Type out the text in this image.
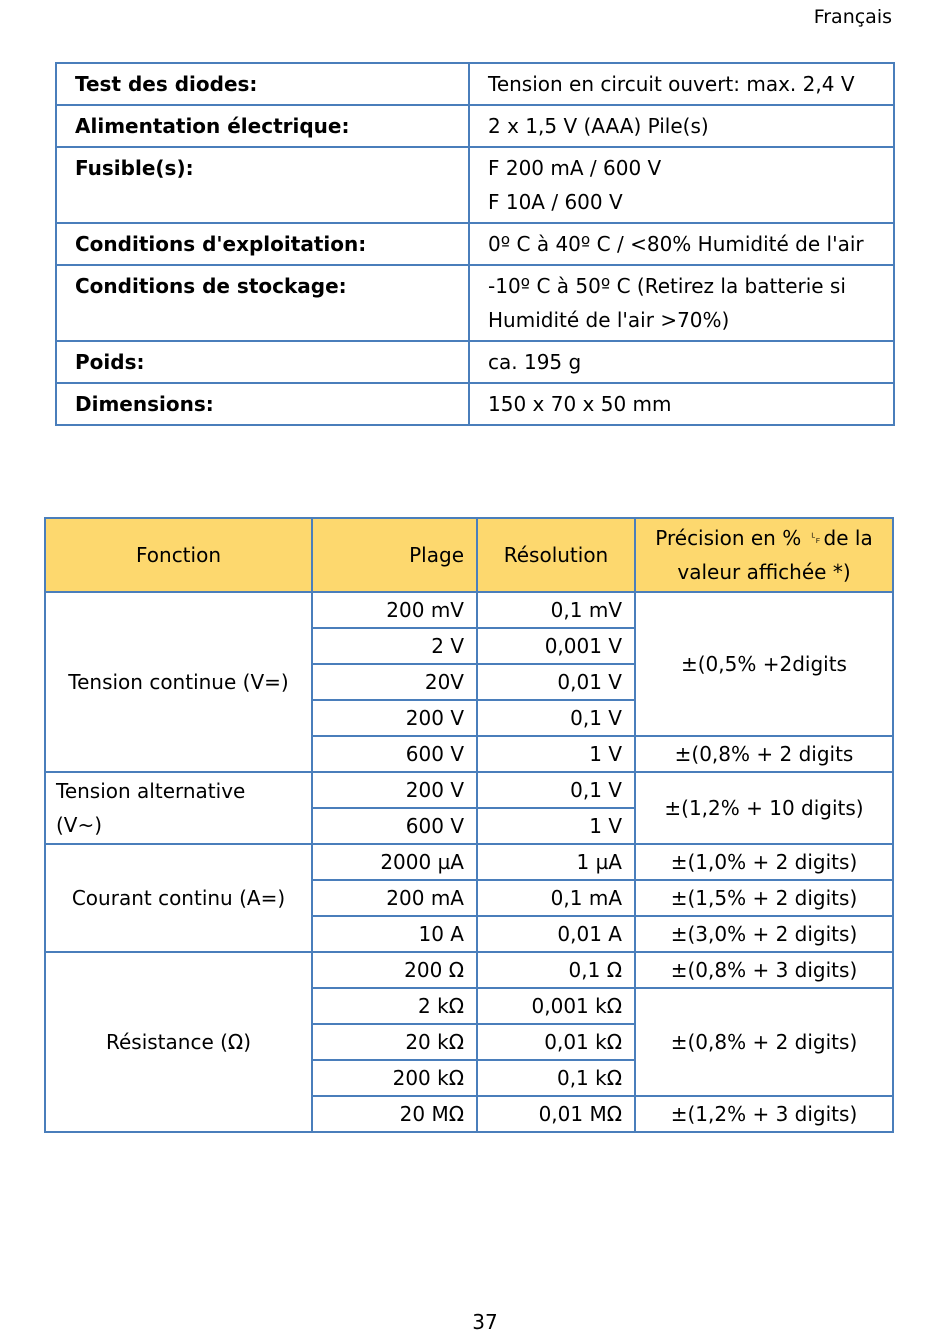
Français
Test des diodes:	Tension en circuit ouvert: max. 2,4 V
Alimentation électrique:	2 x 1,5 V (AAA) Pile(s)
Fusible(s):	F 200 mA / 600 V
F 10A / 600 V

Conditions d'exploitation:	0º C à 40º C / <80% Humidité de l'air
Conditions de stockage:	-10º C à 50º C (Retirez la batterie si
Humidité de l'air >70%)

Poids:	ca. 195 g
Dimensions:	150 x 70 x 50 mm
Fonction	Plage	Résolution	Précision en % ␊de la
valeur affichée *)

Tension continue (V=)	200 mV	0,1 mV	±(0,5% +2digits
	2 V	0,001 V	
	20V	0,01 V	
	200 V	0,1 V	
	600 V	1 V	±(0,8% + 2 digits

Tension alternative
(V~)	200 V	0,1 V	±(1,2% + 10 digits)
	600 V	1 V	
Courant continu (A=)	2000 µA	1 µA	±(1,0% + 2 digits)
	200 mA	0,1 mA	±(1,5% + 2 digits)
	10 A	0,01 A	±(3,0% + 2 digits)
Résistance (Ω)	200 Ω	0,1 Ω	±(0,8% + 3 digits)
	2 kΩ	0,001 kΩ	±(0,8% + 2 digits)
	20 kΩ	0,01 kΩ	
	200 kΩ	0,1 kΩ	
	20 MΩ	0,01 MΩ	±(1,2% + 3 digits)
37
